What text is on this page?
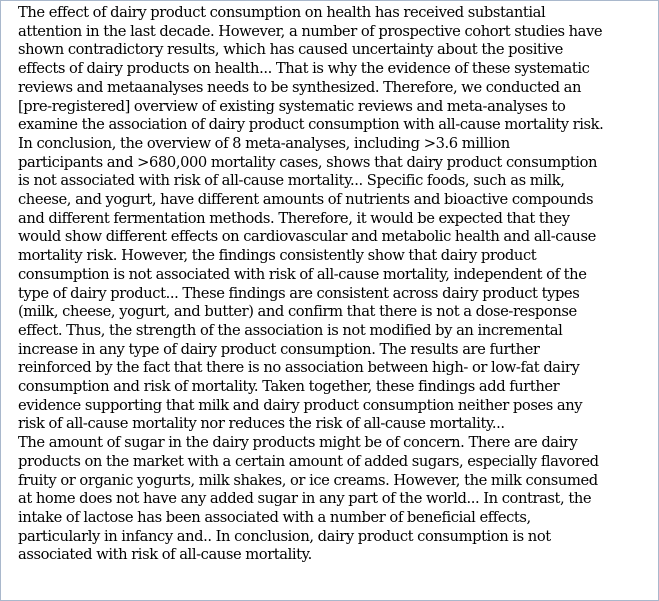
The effect of dairy product consumption on health has received substantial
attention in the last decade. However, a number of prospective cohort studies have
shown contradictory results, which has caused uncertainty about the positive
effects of dairy products on health... That is why the evidence of these systematic
reviews and metaanalyses needs to be synthesized. Therefore, we conducted an
[pre-registered] overview of existing systematic reviews and meta-analyses to
examine the association of dairy product consumption with all-cause mortality risk.

In conclusion, the overview of 8 meta-analyses, including >3.6 million
participants and >680,000 mortality cases, shows that dairy product consumption
is not associated with risk of all-cause mortality... Specific foods, such as milk,
cheese, and yogurt, have different amounts of nutrients and bioactive compounds
and different fermentation methods. Therefore, it would be expected that they
would show different effects on cardiovascular and metabolic health and all-cause
mortality risk. However, the findings consistently show that dairy product
consumption is not associated with risk of all-cause mortality, independent of the
type of dairy product... These findings are consistent across dairy product types
(milk, cheese, yogurt, and butter) and confirm that there is not a dose-response
effect. Thus, the strength of the association is not modified by an incremental
increase in any type of dairy product consumption. The results are further
reinforced by the fact that there is no association between high- or low-fat dairy
consumption and risk of mortality. Taken together, these findings add further
evidence supporting that milk and dairy product consumption neither poses any
risk of all-cause mortality nor reduces the risk of all-cause mortality...

The amount of sugar in the dairy products might be of concern. There are dairy
products on the market with a certain amount of added sugars, especially flavored
fruity or organic yogurts, milk shakes, or ice creams. However, the milk consumed
at home does not have any added sugar in any part of the world... In contrast, the
intake of lactose has been associated with a number of beneficial effects,
particularly in infancy and.. In conclusion, dairy product consumption is not
associated with risk of all-cause mortality.
